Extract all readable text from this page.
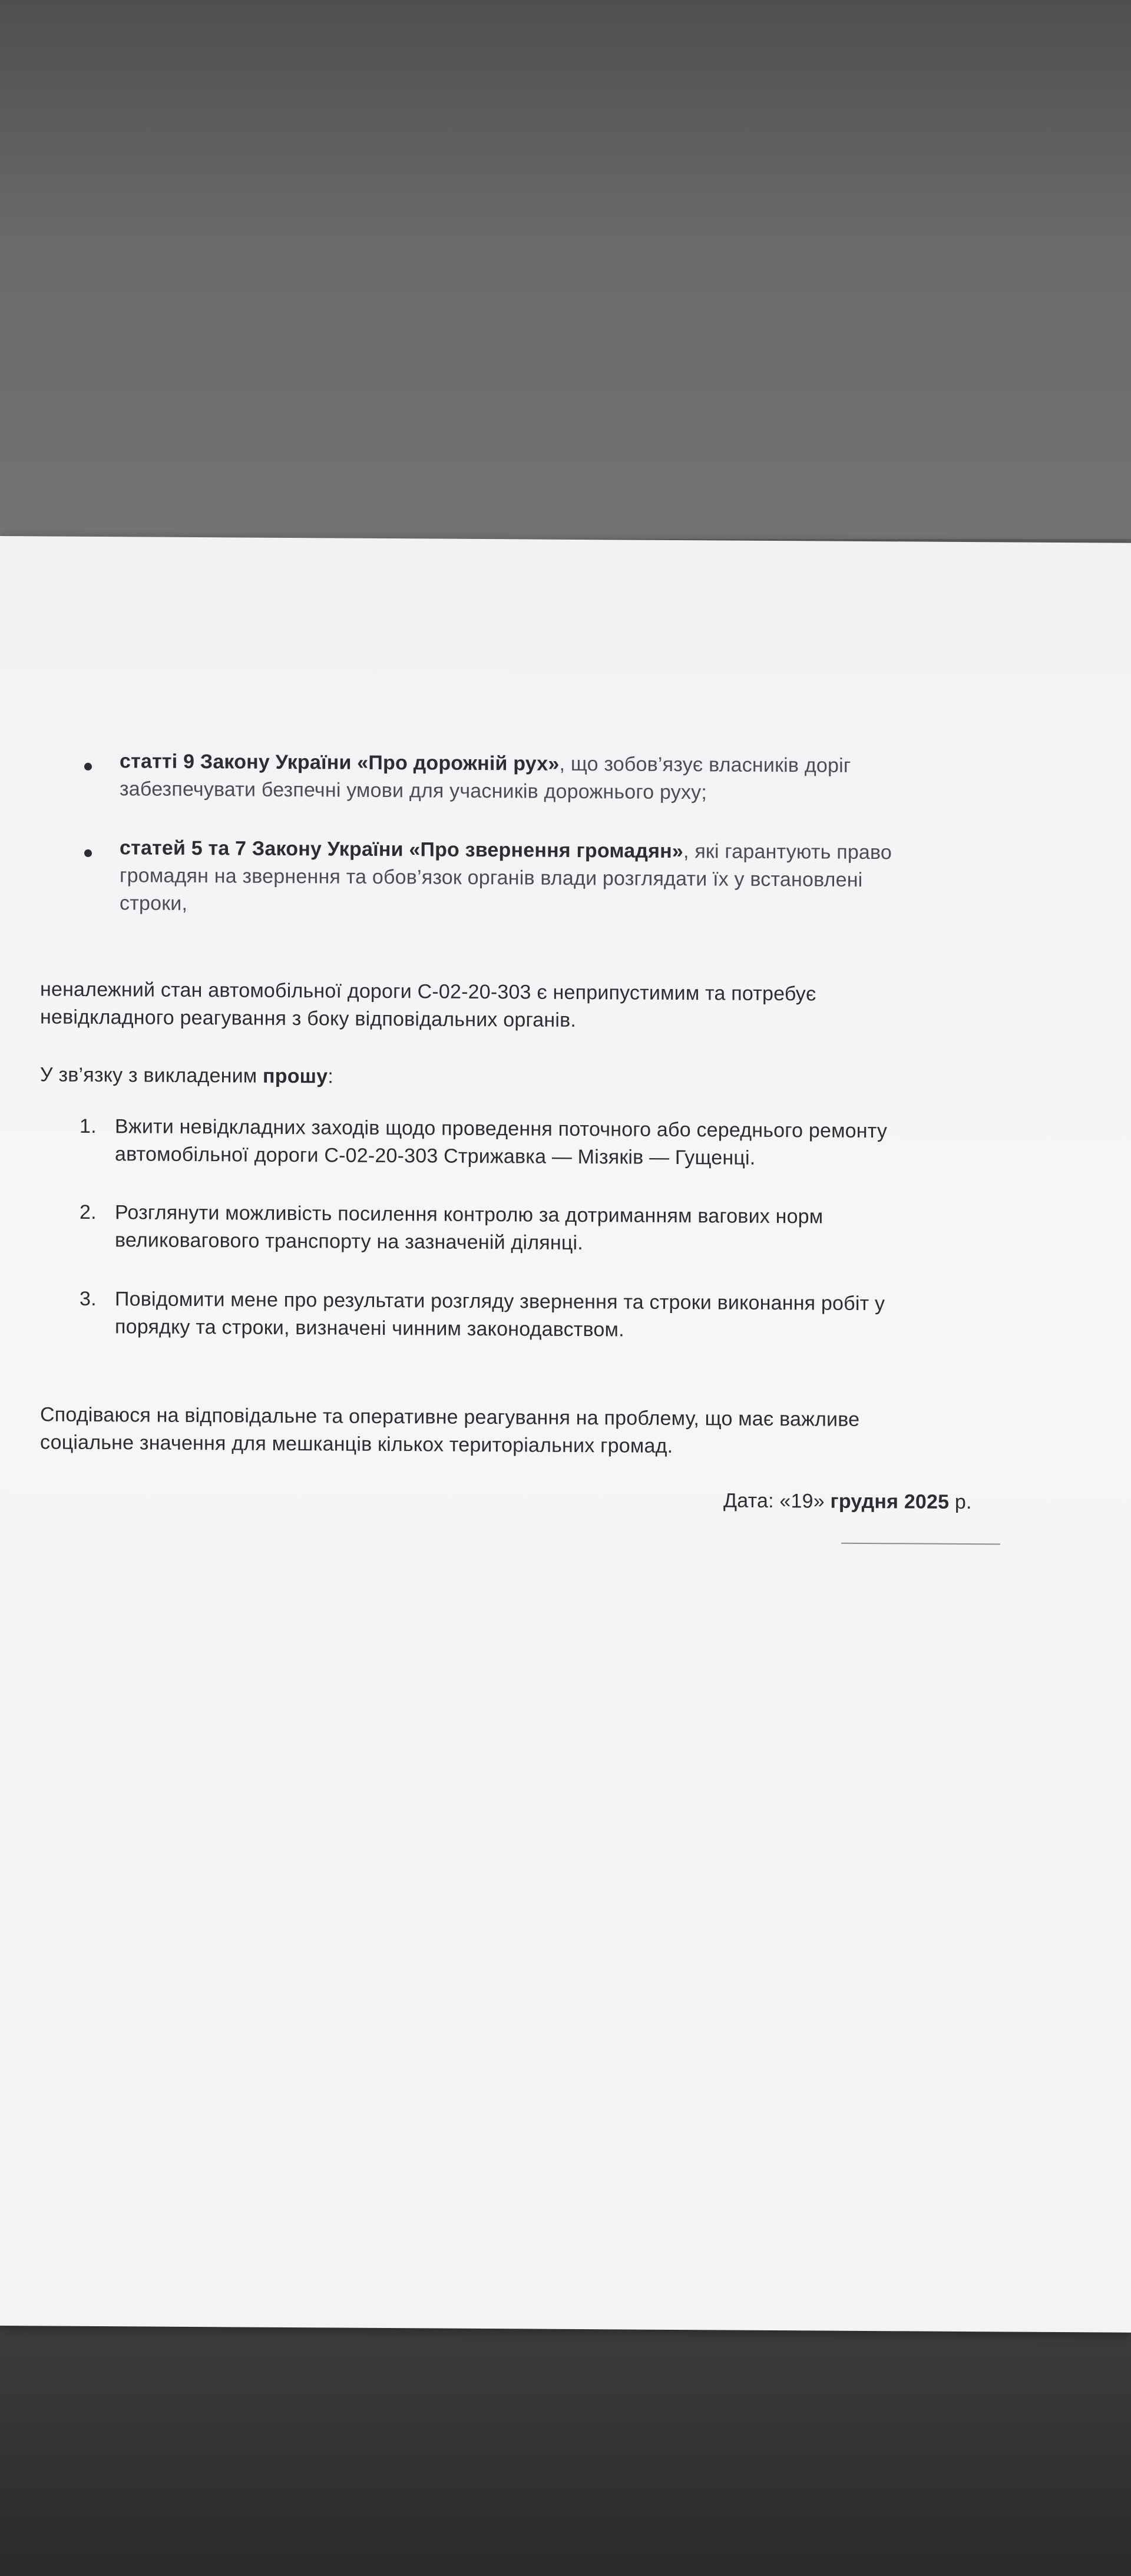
статті 9 Закону України «Про дорожній рух», що зобов’язує власників доріг
забезпечувати безпечні умови для учасників дорожнього руху;
статей 5 та 7 Закону України «Про звернення громадян», які гарантують право
громадян на звернення та обов’язок органів влади розглядати їх у встановлені
строки,
неналежний стан автомобільної дороги С-02-20-303 є неприпустимим та потребує
невідкладного реагування з боку відповідальних органів.
У зв’язку з викладеним прошу:
1. Вжити невідкладних заходів щодо проведення поточного або середнього ремонту
автомобільної дороги С-02-20-303 Стрижавка — Мізяків — Гущенці.
2. Розглянути можливість посилення контролю за дотриманням вагових норм
великовагового транспорту на зазначеній ділянці.
3. Повідомити мене про результати розгляду звернення та строки виконання робіт у
порядку та строки, визначені чинним законодавством.
Сподіваюся на відповідальне та оперативне реагування на проблему, що має важливе
соціальне значення для мешканців кількох територіальних громад.
Дата: «19» грудня 2025 р.
